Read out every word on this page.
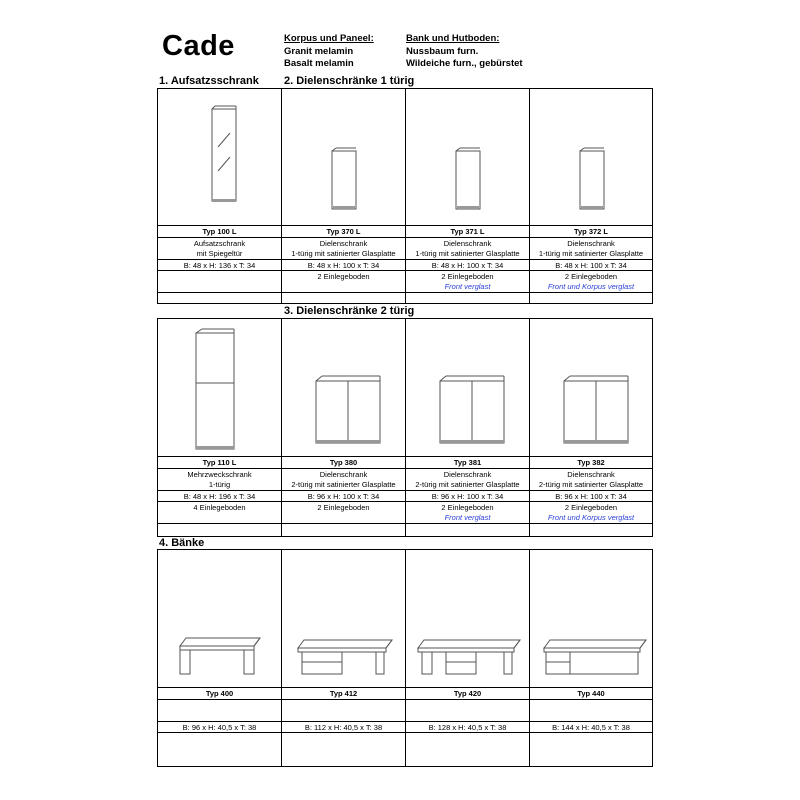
Cade	Korpus und Paneel:
Granit melamin
Basalt melamin
Bank und Hutboden:
Nussbaum furn.
Wildeiche furn., gebürstet
1. Aufsatzsschrank 2. Dielenschränke 1 türig
3. Dielenschränke 2 türig
4. Bänke
Typ 100 L
Aufsatzschrank
mit Spiegeltür
B: 48 x H: 136 x T: 34
Typ 370 L
Dielenschrank
1-türig mit satinierter Glasplatte
B: 48 x H: 100 x T: 34
2 Einlegeboden
Typ 371 L
Dielenschrank
1-türig mit satinierter Glasplatte
B: 48 x H: 100 x T: 34
2 Einlegeboden
Front verglast
Typ 372 L
Dielenschrank
1-türig mit satinierter Glasplatte
B: 48 x H: 100 x T: 34
2 Einlegeboden
Front und Korpus verglast
Typ 110 L
Mehrzweckschrank
1-türig
B: 48 x H: 196 x T: 34
4 Einlegeboden
Typ 380
Dielenschrank
2-türig mit satinierter Glasplatte
B: 96 x H: 100 x T: 34
2 Einlegeboden
Typ 381
Dielenschrank
2-türig mit satinierter Glasplatte
B: 96 x H: 100 x T: 34
2 Einlegeboden
Front verglast
Typ 382
Dielenschrank
2-türig mit satinierter Glasplatte
B: 96 x H: 100 x T: 34
2 Einlegeboden
Front und Korpus verglast
Typ 400
B: 96 x H: 40,5 x T: 38
Typ 412
B: 112 x H: 40,5 x T: 38
Typ 420
B: 128 x H: 40,5 x T: 38
Typ 440
B: 144 x H: 40,5 x T: 38
